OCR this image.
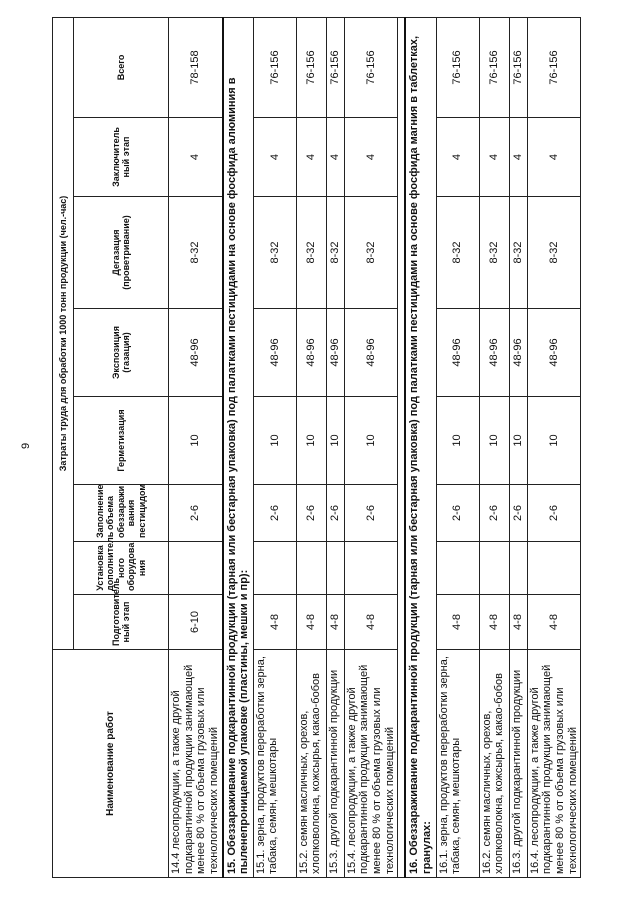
9
Наименование работ	Затраты труда для обработки 1000 тонн продукции (чел.-час)							
	Подготовитель ный этап	Установка дополнитель ного оборудова ния	Заполнение объема обеззаражи вания пестицидом	Герметизация	Экспозиция (газация)	Дегазация (проветривание)	Заключитель ный этап	Всего
14.4 лесопродукции, а также другой подкарантинной продукции занимающей менее 80 % от объема грузовых или технологических помещений	6-10		2-6	10	48-96	8-32	4	78-158
15. Обеззараживание подкарантинной продукции (тарная или бестарная упаковка) под палатками пестицидами на основе фосфида алюминия в пыленепроницаемой упаковке (пластины, мешки и пр):								
15.1. зерна, продуктов переработки зерна, табака, семян, мешкотары	4-8		2-6	10	48-96	8-32	4	76-156
15.2. семян масличных, орехов, хлопковолокна, кожсырья, какао-бобов	4-8		2-6	10	48-96	8-32	4	76-156
15.3. другой подкарантинной продукции	4-8		2-6	10	48-96	8-32	4	76-156
15.4. лесопродукции, а также другой подкарантинной продукции занимающей менее 80 % от объема грузовых или технологических помещений	4-8		2-6	10	48-96	8-32	4	76-156

16. Обеззараживание подкарантинной продукции (тарная или бестарная упаковка) под палатками пестицидами на основе фосфида магния в таблетках, гранулах:								
16.1. зерна, продуктов переработки зерна, табака, семян, мешкотары	4-8		2-6	10	48-96	8-32	4	76-156
16.2. семян масличных, орехов, хлопковолокна, кожсырья, какао-бобов	4-8		2-6	10	48-96	8-32	4	76-156
16.3. другой подкарантинной продукции	4-8		2-6	10	48-96	8-32	4	76-156
16.4. лесопродукции, а также другой подкарантинной продукции занимающей менее 80 % от объема грузовых или технологических помещений	4-8		2-6	10	48-96	8-32	4	76-156
